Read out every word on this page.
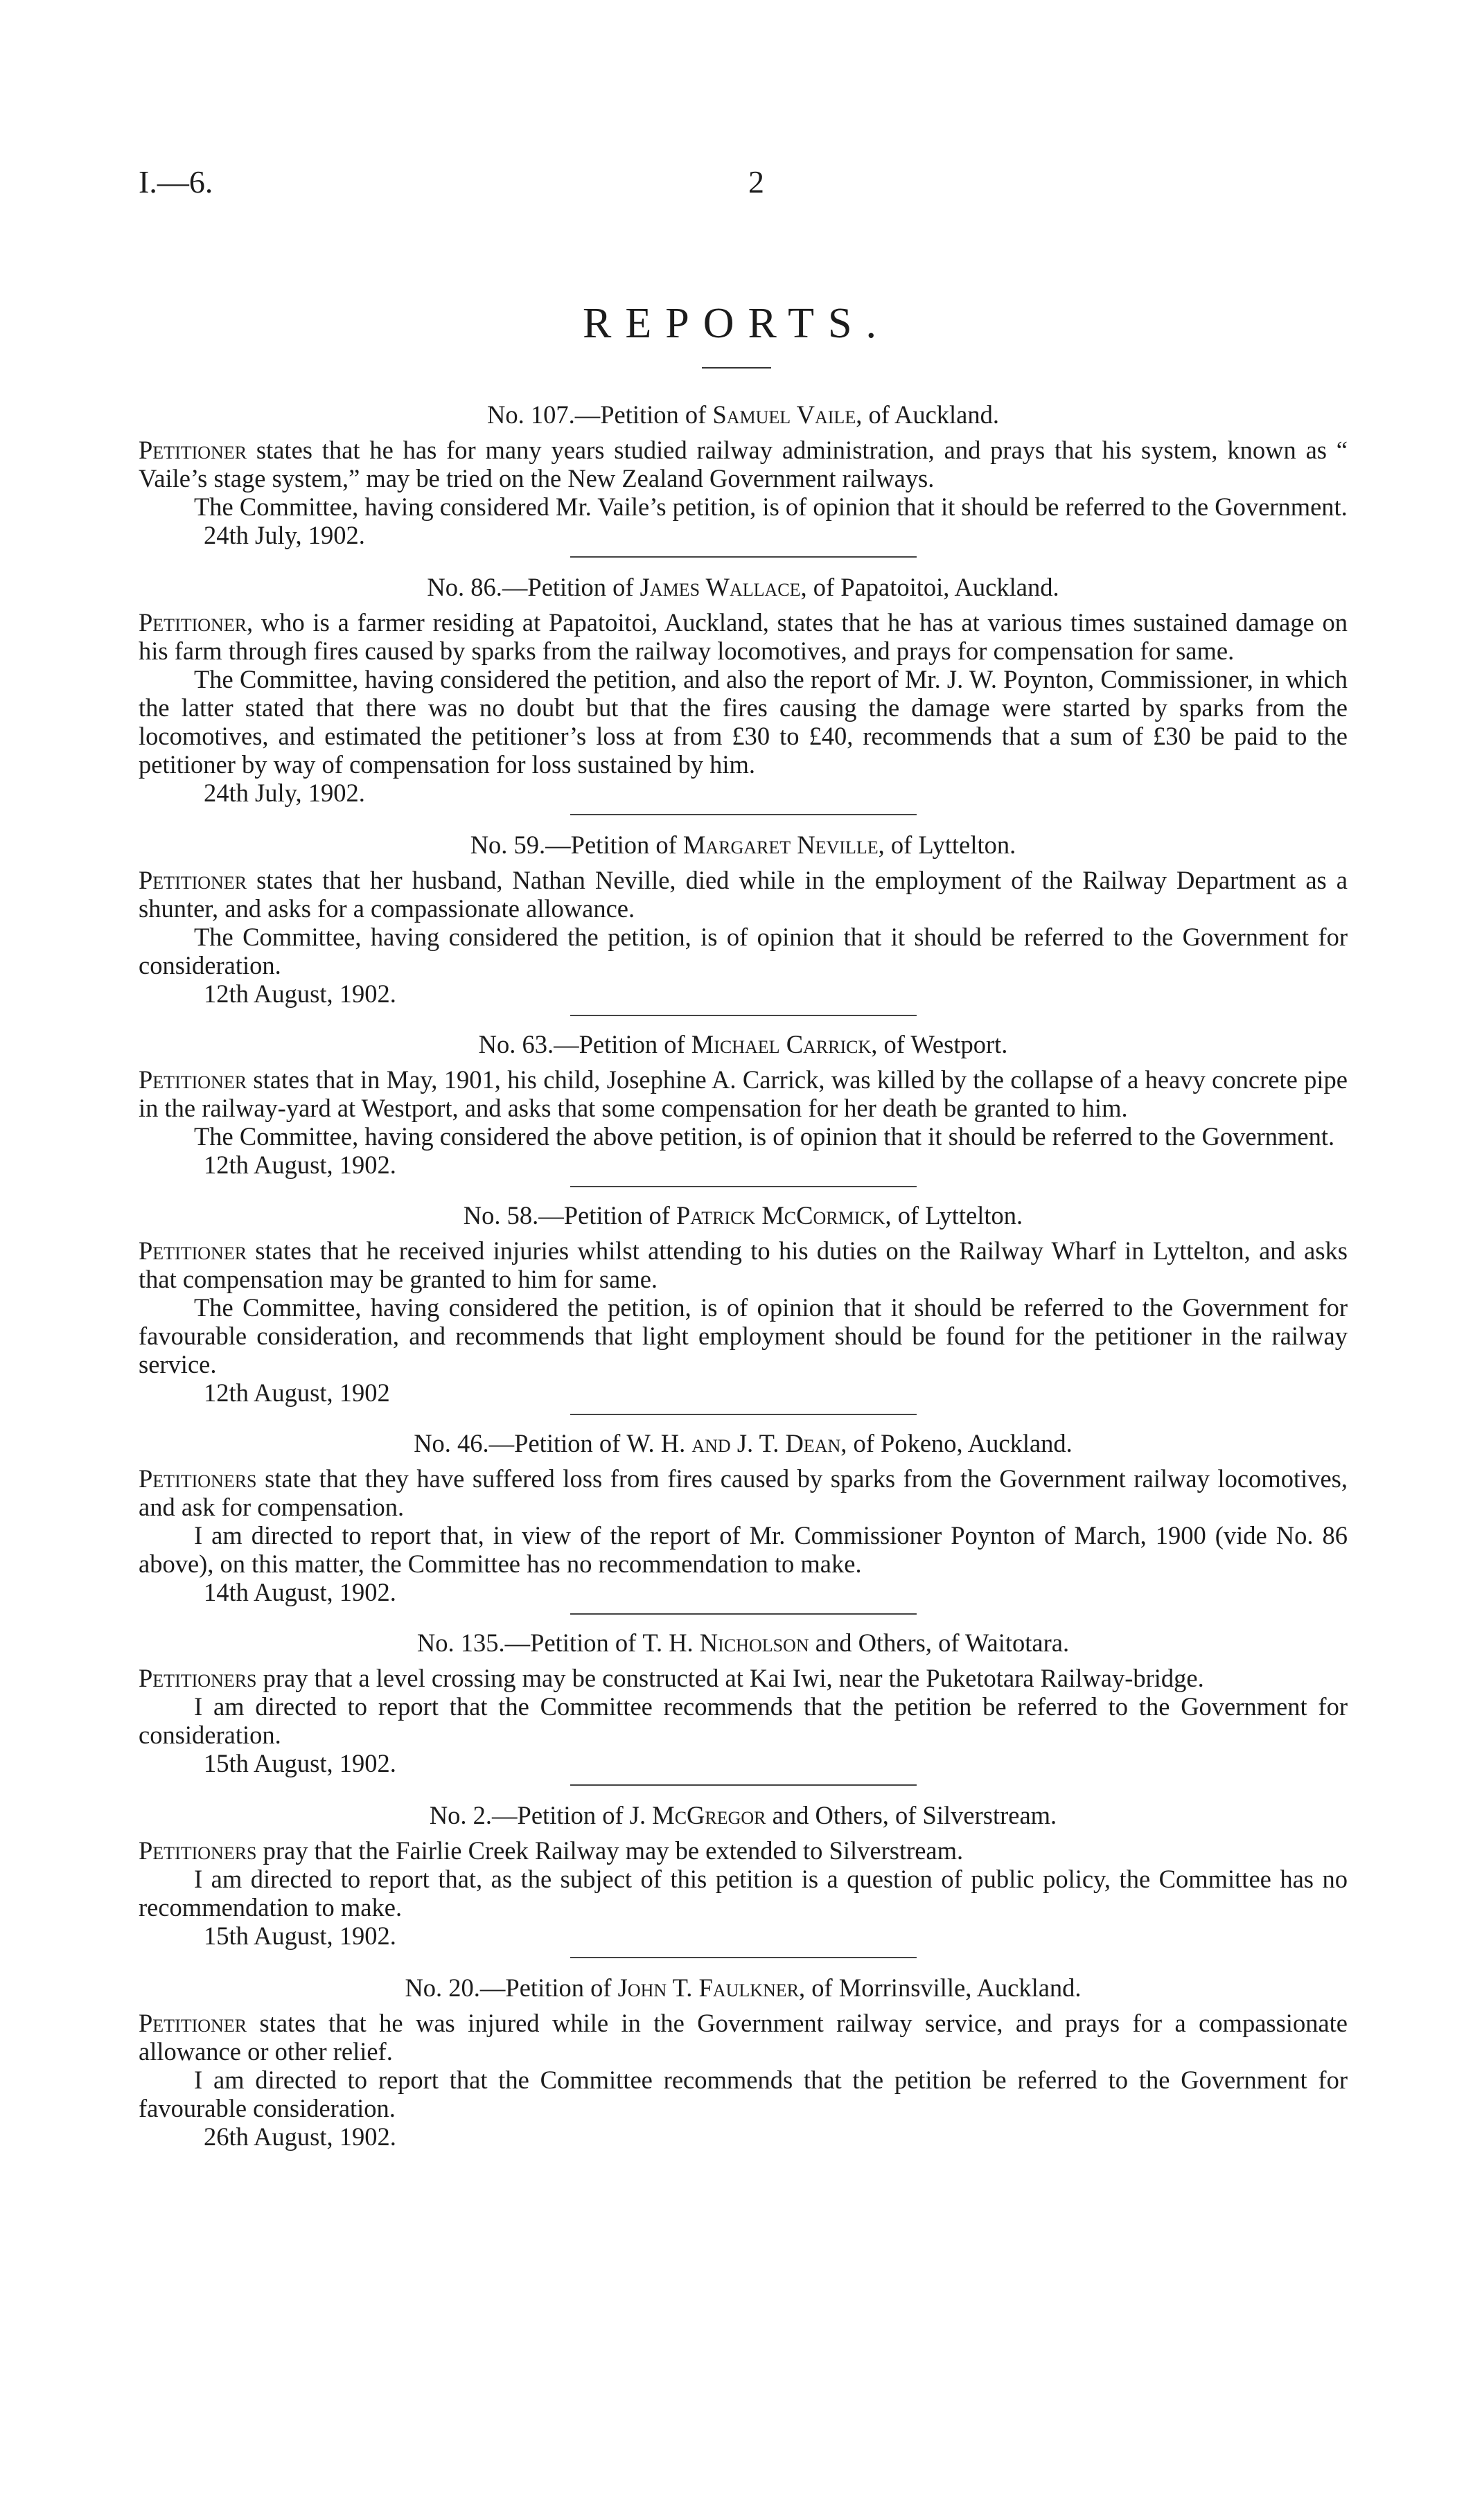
I.—6.	2
REPORTS.

No. 107.—Petition of Samuel Vaile, of Auckland.

Petitioner states that he has for many years studied railway administration, and prays that his system, known as “ Vaile’s stage system,” may be tried on the New Zealand Government railways.

The Committee, having considered Mr. Vaile’s petition, is of opinion that it should be referred to the Government.

24th July, 1902.

No. 86.—Petition of James Wallace, of Papatoitoi, Auckland.

Petitioner, who is a farmer residing at Papatoitoi, Auckland, states that he has at various times sustained damage on his farm through fires caused by sparks from the railway locomotives, and prays for compensation for same.

The Committee, having considered the petition, and also the report of Mr. J. W. Poynton, Commissioner, in which the latter stated that there was no doubt but that the fires causing the damage were started by sparks from the locomotives, and estimated the petitioner’s loss at from £30 to £40, recommends that a sum of £30 be paid to the petitioner by way of compensation for loss sustained by him.

24th July, 1902.

No. 59.—Petition of Margaret Neville, of Lyttelton.

Petitioner states that her husband, Nathan Neville, died while in the employment of the Railway Department as a shunter, and asks for a compassionate allowance.

The Committee, having considered the petition, is of opinion that it should be referred to the Government for consideration.

12th August, 1902.

No. 63.—Petition of Michael Carrick, of Westport.

Petitioner states that in May, 1901, his child, Josephine A. Carrick, was killed by the collapse of a heavy concrete pipe in the railway-yard at Westport, and asks that some compensation for her death be granted to him.

The Committee, having considered the above petition, is of opinion that it should be referred to the Government.

12th August, 1902.

No. 58.—Petition of Patrick McCormick, of Lyttelton.

Petitioner states that he received injuries whilst attending to his duties on the Railway Wharf in Lyttelton, and asks that compensation may be granted to him for same.

The Committee, having considered the petition, is of opinion that it should be referred to the Government for favourable consideration, and recommends that light employment should be found for the petitioner in the railway service.

12th August, 1902

No. 46.—Petition of W. H. and J. T. Dean, of Pokeno, Auckland.

Petitioners state that they have suffered loss from fires caused by sparks from the Government railway locomotives, and ask for compensation.

I am directed to report that, in view of the report of Mr. Commissioner Poynton of March, 1900 (vide No. 86 above), on this matter, the Committee has no recommendation to make.

14th August, 1902.

No. 135.—Petition of T. H. Nicholson and Others, of Waitotara.

Petitioners pray that a level crossing may be constructed at Kai Iwi, near the Puketotara Railway-bridge.

I am directed to report that the Committee recommends that the petition be referred to the Government for consideration.

15th August, 1902.

No. 2.—Petition of J. McGregor and Others, of Silverstream.

Petitioners pray that the Fairlie Creek Railway may be extended to Silverstream.

I am directed to report that, as the subject of this petition is a question of public policy, the Committee has no recommendation to make.

15th August, 1902.

No. 20.—Petition of John T. Faulkner, of Morrinsville, Auckland.

Petitioner states that he was injured while in the Government railway service, and prays for a compassionate allowance or other relief.

I am directed to report that the Committee recommends that the petition be referred to the Government for favourable consideration.

26th August, 1902.
